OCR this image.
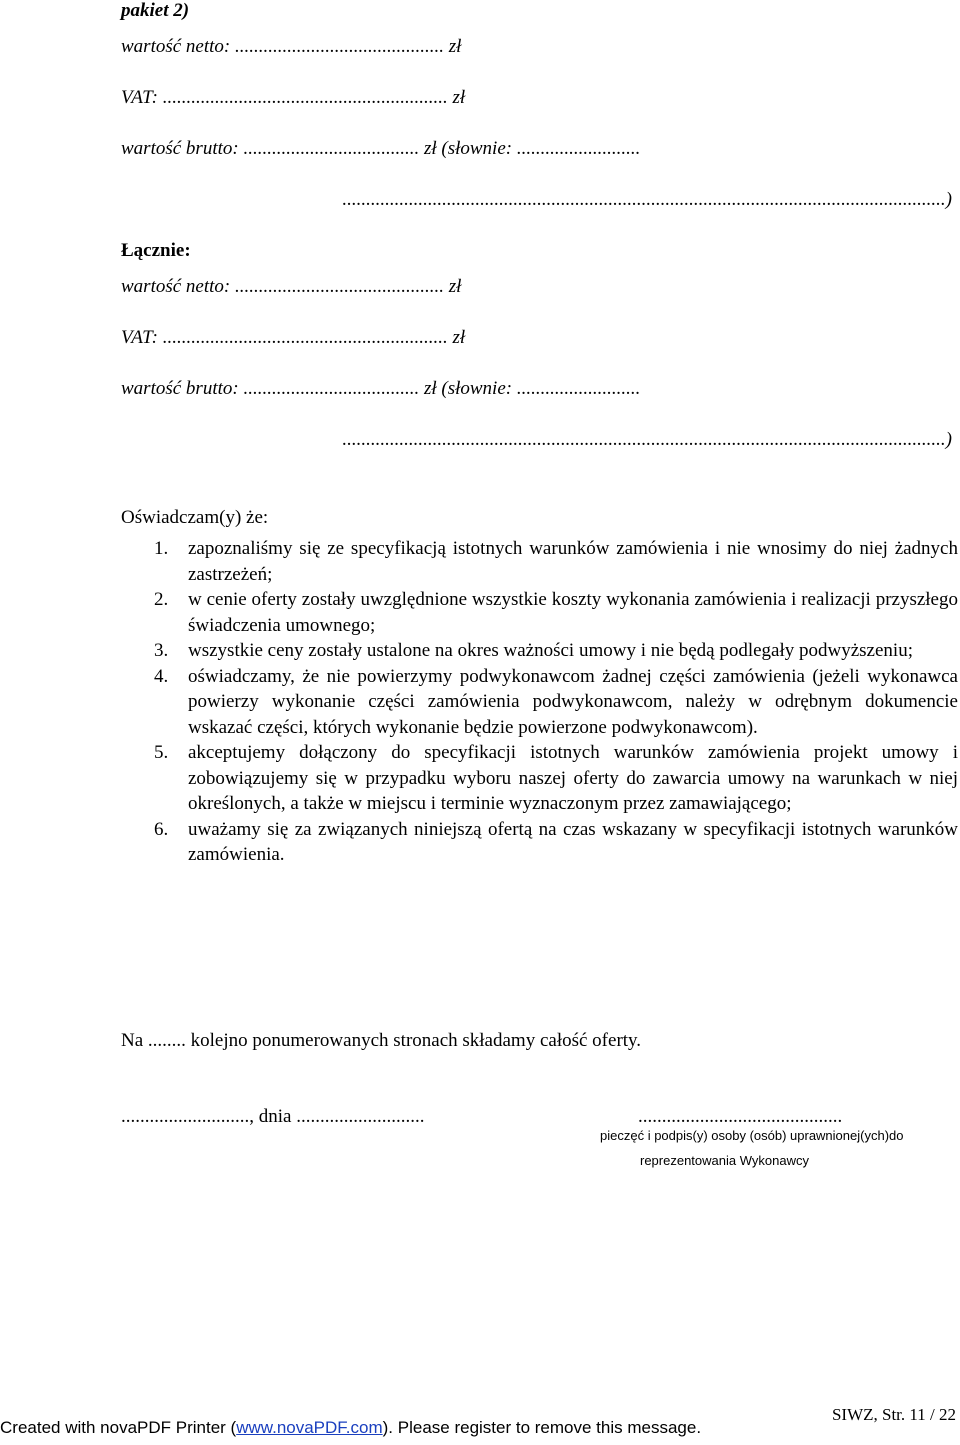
pakiet 2)
wartość netto: ............................................ zł
VAT: ............................................................ zł
wartość brutto: ..................................... zł (słownie: ..........................
...............................................................................................................................)
Łącznie:
wartość netto: ............................................ zł
VAT: ............................................................ zł
wartość brutto: ..................................... zł (słownie: ..........................
...............................................................................................................................)
Oświadczam(y) że:
1. zapoznaliśmy się ze specyfikacją istotnych warunków zamówienia i nie wnosimy do niej żadnych zastrzeżeń;
2. w cenie oferty zostały uwzględnione wszystkie koszty wykonania zamówienia i realizacji przyszłego świadczenia umownego;
3. wszystkie ceny zostały ustalone na okres ważności umowy i nie będą podlegały podwyższeniu;
4. oświadczamy, że nie powierzymy podwykonawcom żadnej części zamówienia (jeżeli wykonawca powierzy wykonanie części zamówienia podwykonawcom, należy w odrębnym dokumencie wskazać części, których wykonanie będzie powierzone podwykonawcom).
5. akceptujemy dołączony do specyfikacji istotnych warunków zamówienia projekt umowy i zobowiązujemy się w przypadku wyboru naszej oferty do zawarcia umowy na warunkach w niej określonych, a także w miejscu i terminie wyznaczonym przez zamawiającego;
6. uważamy się za związanych niniejszą ofertą na czas wskazany w specyfikacji istotnych warunków zamówienia.
Na ........ kolejno ponumerowanych stronach składamy całość oferty.
..........................., dnia ...........................	...........................................
pieczęć i podpis(y) osoby (osób) uprawnionej(ych)do
reprezentowania Wykonawcy
SIWZ, Str. 11 / 22
Created with novaPDF Printer (www.novaPDF.com). Please register to remove this message.
